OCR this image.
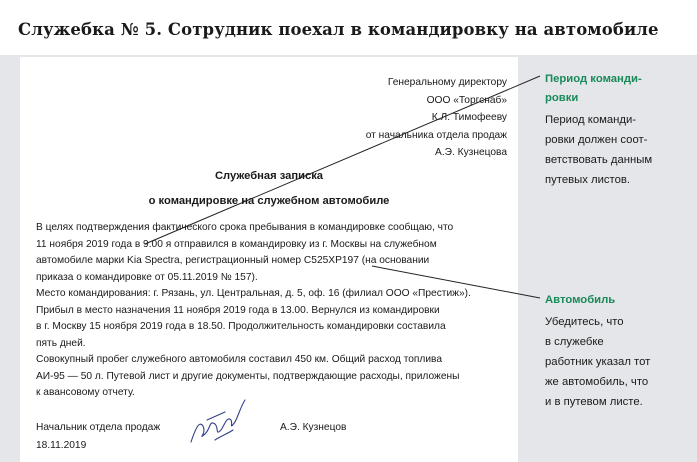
Служебка № 5. Сотрудник поехал в командировку на автомобиле
Генеральному директору
ООО «Торгснаб»
К.Л. Тимофееву
от начальника отдела продаж
А.Э. Кузнецова
Служебная записка
о командировке на служебном автомобиле

В целях подтверждения фактического срока пребывания в командировке сообщаю, что
11 ноября 2019 года в 9.00 я отправился в командировку из г. Москвы на служебном
автомобиле марки Kia Spectra, регистрационный номер С525ХР197 (на основании
приказа о командировке от 05.11.2019 № 157).

Место командирования: г. Рязань, ул. Центральная, д. 5, оф. 16 (филиал ООО «Престиж»).
Прибыл в место назначения 11 ноября 2019 года в 13.00. Вернулся из командировки
в г. Москву 15 ноября 2019 года в 18.50. Продолжительность командировки составила
пять дней.

Совокупный пробег служебного автомобиля составил 450 км. Общий расход топлива
АИ-95 — 50 л. Путевой лист и другие документы, подтверждающие расходы, приложены
к авансовому отчету.

Начальник отдела продаж
18.11.2019
А.Э. Кузнецов
Период команди-
ровки
Период команди-
ровки должен соот-
ветствовать данным
путевых листов.
Автомобиль
Убедитесь, что
в служебке
работник указал тот
же автомобиль, что
и в путевом листе.
